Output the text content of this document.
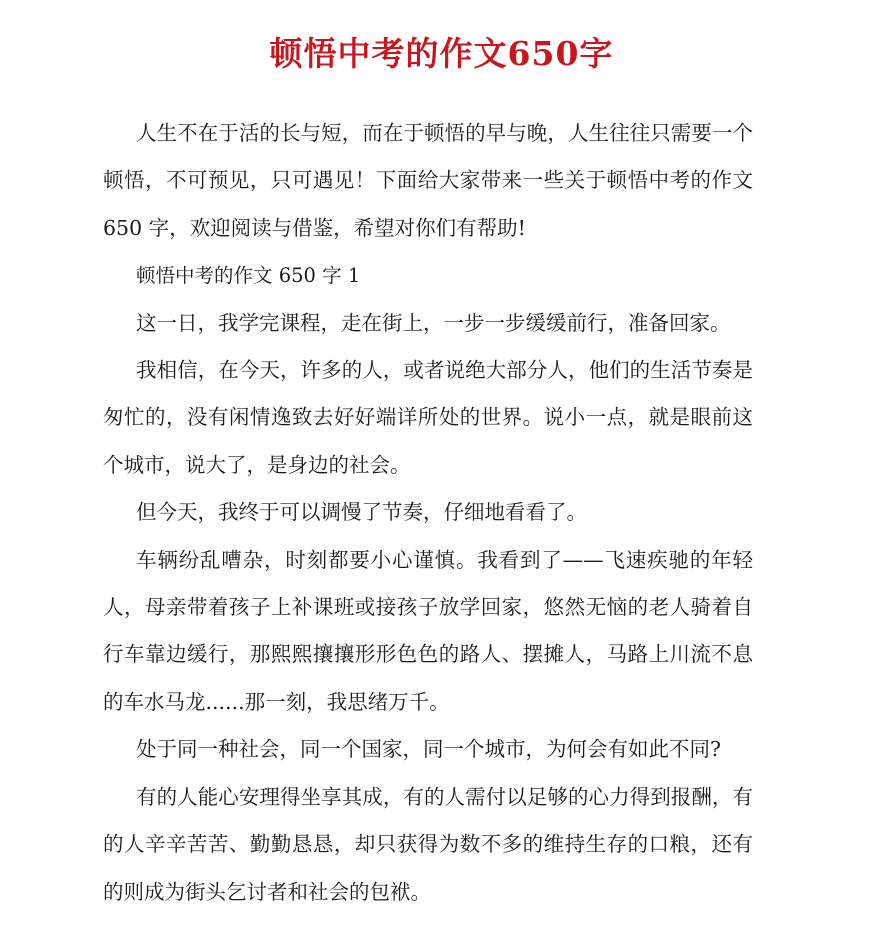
顿悟中考的作文650字

人生不在于活的长与短，而在于顿悟的早与晚，人生往往只需要一个顿悟，不可预见，只可遇见！下面给大家带来一些关于顿悟中考的作文 650 字，欢迎阅读与借鉴，希望对你们有帮助!

顿悟中考的作文 650 字 1

这一日，我学完课程，走在街上，一步一步缓缓前行，准备回家。

我相信，在今天，许多的人，或者说绝大部分人，他们的生活节奏是匆忙的，没有闲情逸致去好好端详所处的世界。说小一点，就是眼前这个城市，说大了，是身边的社会。

但今天，我终于可以调慢了节奏，仔细地看看了。

车辆纷乱嘈杂，时刻都要小心谨慎。我看到了——飞速疾驰的年轻人，母亲带着孩子上补课班或接孩子放学回家，悠然无恼的老人骑着自行车靠边缓行，那熙熙攘攘形形色色的路人、摆摊人，马路上川流不息的车水马龙......那一刻，我思绪万千。

处于同一种社会，同一个国家，同一个城市，为何会有如此不同?

有的人能心安理得坐享其成，有的人需付以足够的心力得到报酬，有的人辛辛苦苦、勤勤恳恳，却只获得为数不多的维持生存的口粮，还有的则成为街头乞讨者和社会的包袱。
